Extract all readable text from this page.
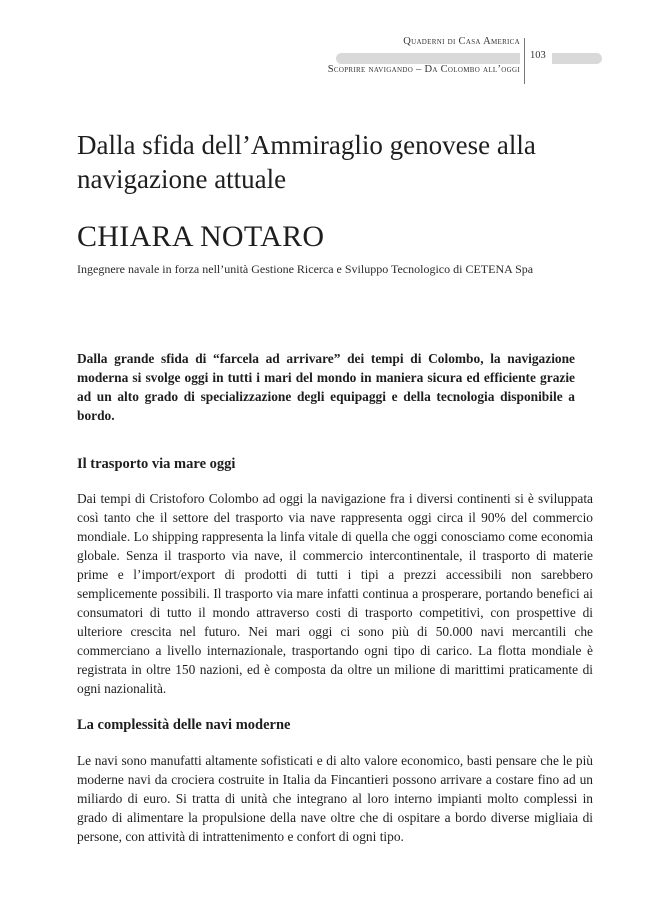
Quaderni di Casa America
Scoprire navigando – Da Colombo all’oggi
103
Dalla sfida dell’Ammiraglio genovese alla navigazione attuale
CHIARA NOTARO

Ingegnere navale in forza nell’unità Gestione Ricerca e Sviluppo Tecnologico di CETENA Spa

Dalla grande sfida di “farcela ad arrivare” dei tempi di Colombo, la navigazione moderna si svolge oggi in tutti i mari del mondo in maniera sicura ed efficiente grazie ad un alto grado di specializzazione degli equipaggi e della tecnologia disponibile a bordo.

Il trasporto via mare oggi

Dai tempi di Cristoforo Colombo ad oggi la navigazione fra i diversi continenti si è sviluppata così tanto che il settore del trasporto via nave rappresenta oggi circa il 90% del commercio mondiale. Lo shipping rappresenta la linfa vitale di quella che oggi conosciamo come economia globale. Senza il trasporto via nave, il commercio intercontinentale, il trasporto di materie prime e l’import/export di prodotti di tutti i tipi a prezzi accessibili non sarebbero semplicemente possibili. Il trasporto via mare infatti continua a prosperare, portando benefici ai consumatori di tutto il mondo attraverso costi di trasporto competitivi, con prospettive di ulteriore crescita nel futuro. Nei mari oggi ci sono più di 50.000 navi mercantili che commerciano a livello internazionale, trasportando ogni tipo di carico. La flotta mondiale è registrata in oltre 150 nazioni, ed è composta da oltre un milione di marittimi praticamente di ogni nazionalità.

La complessità delle navi moderne

Le navi sono manufatti altamente sofisticati e di alto valore economico, basti pensare che le più moderne navi da crociera costruite in Italia da Fincantieri possono arrivare a costare fino ad un miliardo di euro. Si tratta di unità che integrano al loro interno impianti molto complessi in grado di alimentare la propulsione della nave oltre che di ospitare a bordo diverse migliaia di persone, con attività di intrattenimento e confort di ogni tipo.
